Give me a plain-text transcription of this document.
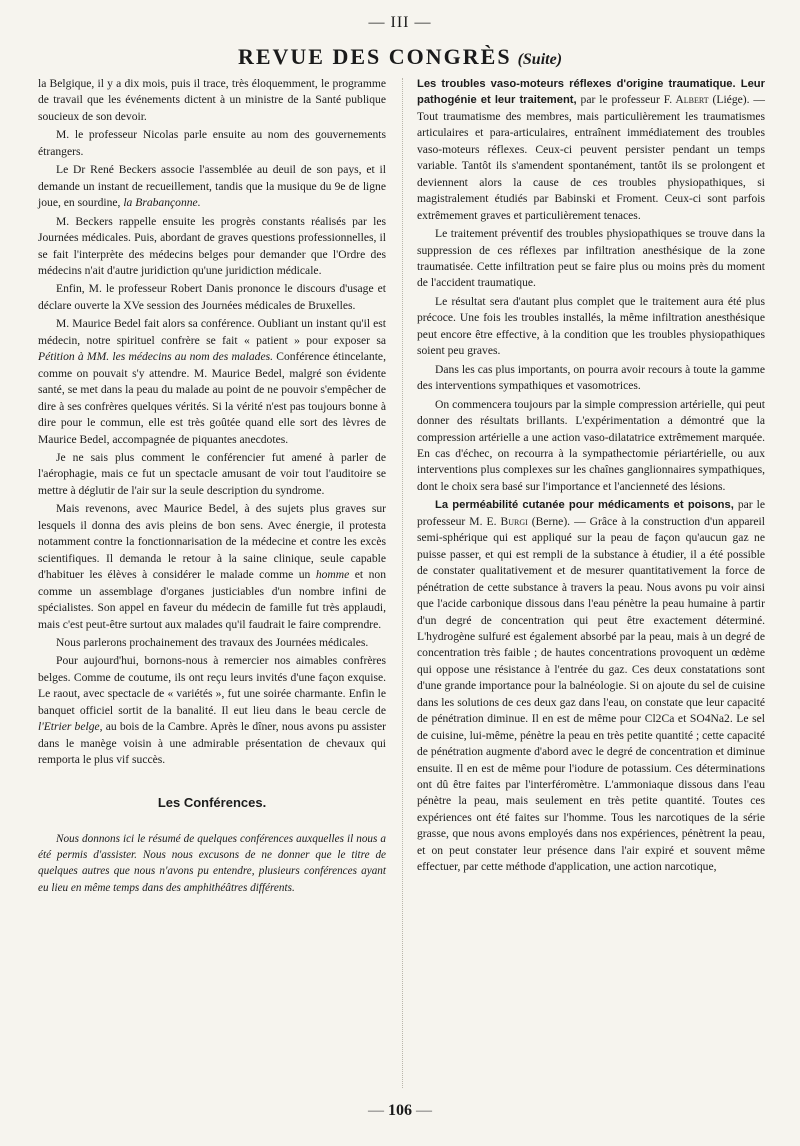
— III —
REVUE DES CONGRÈS (Suite)

la Belgique, il y a dix mois, puis il trace, très éloquemment, le programme de travail que les événements dictent à un ministre de la Santé publique soucieux de son devoir.

M. le professeur Nicolas parle ensuite au nom des gouvernements étrangers.

Le Dr René Beckers associe l'assemblée au deuil de son pays, et il demande un instant de recueillement, tandis que la musique du 9e de ligne joue, en sourdine, la Brabançonne.

M. Beckers rappelle ensuite les progrès constants réalisés par les Journées médicales. Puis, abordant de graves questions professionnelles, il se fait l'interprète des médecins belges pour demander que l'Ordre des médecins n'ait d'autre juridiction qu'une juridiction médicale.

Enfin, M. le professeur Robert Danis prononce le discours d'usage et déclare ouverte la XVe session des Journées médicales de Bruxelles.

M. Maurice Bedel fait alors sa conférence. Oubliant un instant qu'il est médecin, notre spirituel confrère se fait « patient » pour exposer sa Pétition à MM. les médecins au nom des malades. Conférence étincelante, comme on pouvait s'y attendre. M. Maurice Bedel, malgré son évidente santé, se met dans la peau du malade au point de ne pouvoir s'empêcher de dire à ses confrères quelques vérités. Si la vérité n'est pas toujours bonne à dire pour le commun, elle est très goûtée quand elle sort des lèvres de Maurice Bedel, accompagnée de piquantes anecdotes.

Je ne sais plus comment le conférencier fut amené à parler de l'aérophagie, mais ce fut un spectacle amusant de voir tout l'auditoire se mettre à déglutir de l'air sur la seule description du syndrome.

Mais revenons, avec Maurice Bedel, à des sujets plus graves sur lesquels il donna des avis pleins de bon sens. Avec énergie, il protesta notamment contre la fonctionnarisation de la médecine et contre les excès scientifiques. Il demanda le retour à la saine clinique, seule capable d'habituer les élèves à considérer le malade comme un homme et non comme un assemblage d'organes justiciables d'un nombre infini de spécialistes. Son appel en faveur du médecin de famille fut très applaudi, mais c'est peut-être surtout aux malades qu'il faudrait le faire comprendre.

Nous parlerons prochainement des travaux des Journées médicales.

Pour aujourd'hui, bornons-nous à remercier nos aimables confrères belges. Comme de coutume, ils ont reçu leurs invités d'une façon exquise. Le raout, avec spectacle de « variétés », fut une soirée charmante. Enfin le banquet officiel sortit de la banalité. Il eut lieu dans le beau cercle de l'Etrier belge, au bois de la Cambre. Après le dîner, nous avons pu assister dans le manège voisin à une admirable présentation de chevaux qui remporta le plus vif succès.

Les Conférences.

Nous donnons ici le résumé de quelques conférences auxquelles il nous a été permis d'assister. Nous nous excusons de ne donner que le titre de quelques autres que nous n'avons pu entendre, plusieurs conférences ayant eu lieu en même temps dans des amphithéâtres différents.

Les troubles vaso-moteurs réflexes d'origine traumatique. Leur pathogénie et leur traitement, par le professeur F. Albert (Liége). — Tout traumatisme des membres, mais particulièrement les traumatismes articulaires et para-articulaires, entraînent immédiatement des troubles vaso-moteurs réflexes. Ceux-ci peuvent persister pendant un temps variable. Tantôt ils s'amendent spontanément, tantôt ils se prolongent et deviennent alors la cause de ces troubles physiopathiques, si magistralement étudiés par Babinski et Froment. Ceux-ci sont parfois extrêmement graves et particulièrement tenaces.

Le traitement préventif des troubles physiopathiques se trouve dans la suppression de ces réflexes par infiltration anesthésique de la zone traumatisée. Cette infiltration peut se faire plus ou moins près du moment de l'accident traumatique.

Le résultat sera d'autant plus complet que le traitement aura été plus précoce. Une fois les troubles installés, la même infiltration anesthésique peut encore être effective, à la condition que les troubles physiopathiques soient peu graves.

Dans les cas plus importants, on pourra avoir recours à toute la gamme des interventions sympathiques et vasomotrices.

On commencera toujours par la simple compression artérielle, qui peut donner des résultats brillants. L'expérimentation a démontré que la compression artérielle a une action vaso-dilatatrice extrêmement marquée. En cas d'échec, on recourra à la sympathectomie périartérielle, ou aux interventions plus complexes sur les chaînes ganglionnaires sympathiques, dont le choix sera basé sur l'importance et l'ancienneté des lésions.

La perméabilité cutanée pour médicaments et poisons, par le professeur M. E. Burgi (Berne). — Grâce à la construction d'un appareil semi-sphérique qui est appliqué sur la peau de façon qu'aucun gaz ne puisse passer, et qui est rempli de la substance à étudier, il a été possible de constater qualitativement et de mesurer quantitativement la force de pénétration de cette substance à travers la peau. Nous avons pu voir ainsi que l'acide carbonique dissous dans l'eau pénètre la peau humaine à partir d'un degré de concentration qui peut être exactement déterminé. L'hydrogène sulfuré est également absorbé par la peau, mais à un degré de concentration très faible ; de hautes concentrations provoquent un œdème qui oppose une résistance à l'entrée du gaz. Ces deux constatations sont d'une grande importance pour la balnéologie. Si on ajoute du sel de cuisine dans les solutions de ces deux gaz dans l'eau, on constate que leur capacité de pénétration diminue. Il en est de même pour Cl2Ca et SO4Na2. Le sel de cuisine, lui-même, pénètre la peau en très petite quantité ; cette capacité de pénétration augmente d'abord avec le degré de concentration et diminue ensuite. Il en est de même pour l'iodure de potassium. Ces déterminations ont dû être faites par l'interféromètre. L'ammoniaque dissous dans l'eau pénètre la peau, mais seulement en très petite quantité. Toutes ces expériences ont été faites sur l'homme. Tous les narcotiques de la série grasse, que nous avons employés dans nos expériences, pénètrent la peau, et on peut constater leur présence dans l'air expiré et souvent même effectuer, par cette méthode d'application, une action narcotique,

— 106 —
